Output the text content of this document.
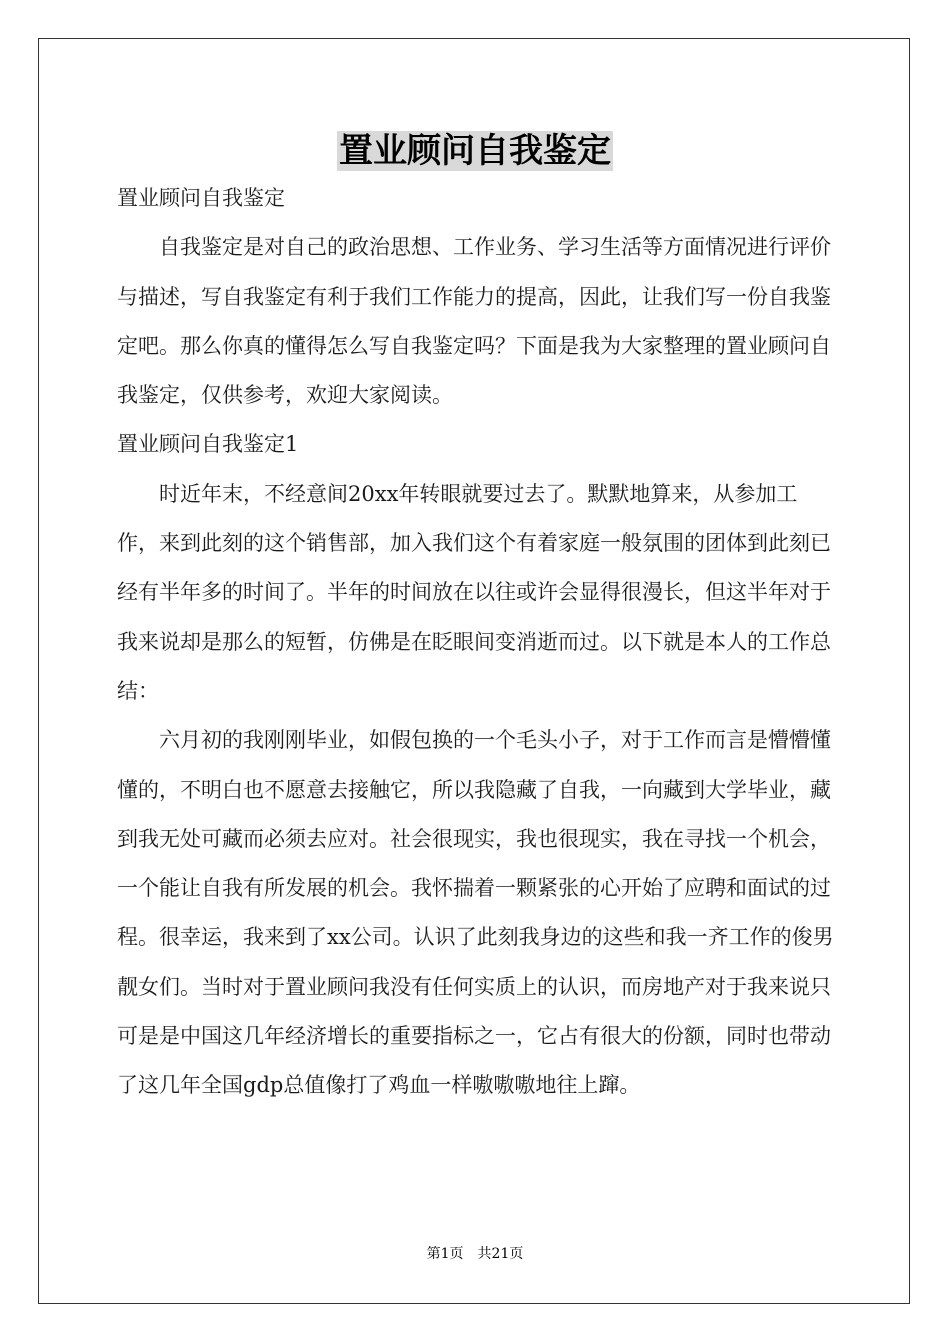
置业顾问自我鉴定

置业顾问自我鉴定

自我鉴定是对自己的政治思想、工作业务、学习生活等方面情况进行评价与描述，写自我鉴定有利于我们工作能力的提高，因此，让我们写一份自我鉴定吧。那么你真的懂得怎么写自我鉴定吗？下面是我为大家整理的置业顾问自我鉴定，仅供参考，欢迎大家阅读。

置业顾问自我鉴定1

时近年末，不经意间20xx年转眼就要过去了。默默地算来，从参加工作，来到此刻的这个销售部，加入我们这个有着家庭一般氛围的团体到此刻已经有半年多的时间了。半年的时间放在以往或许会显得很漫长，但这半年对于我来说却是那么的短暂，仿佛是在眨眼间变消逝而过。以下就是本人的工作总结：

六月初的我刚刚毕业，如假包换的一个毛头小子，对于工作而言是懵懵懂懂的，不明白也不愿意去接触它，所以我隐藏了自我，一向藏到大学毕业，藏到我无处可藏而必须去应对。社会很现实，我也很现实，我在寻找一个机会，一个能让自我有所发展的机会。我怀揣着一颗紧张的心开始了应聘和面试的过程。很幸运，我来到了xx公司。认识了此刻我身边的这些和我一齐工作的俊男靓女们。当时对于置业顾问我没有任何实质上的认识，而房地产对于我来说只可是是中国这几年经济增长的重要指标之一，它占有很大的份额，同时也带动了这几年全国gdp总值像打了鸡血一样嗷嗷嗷地往上蹿。

第1页 共21页
